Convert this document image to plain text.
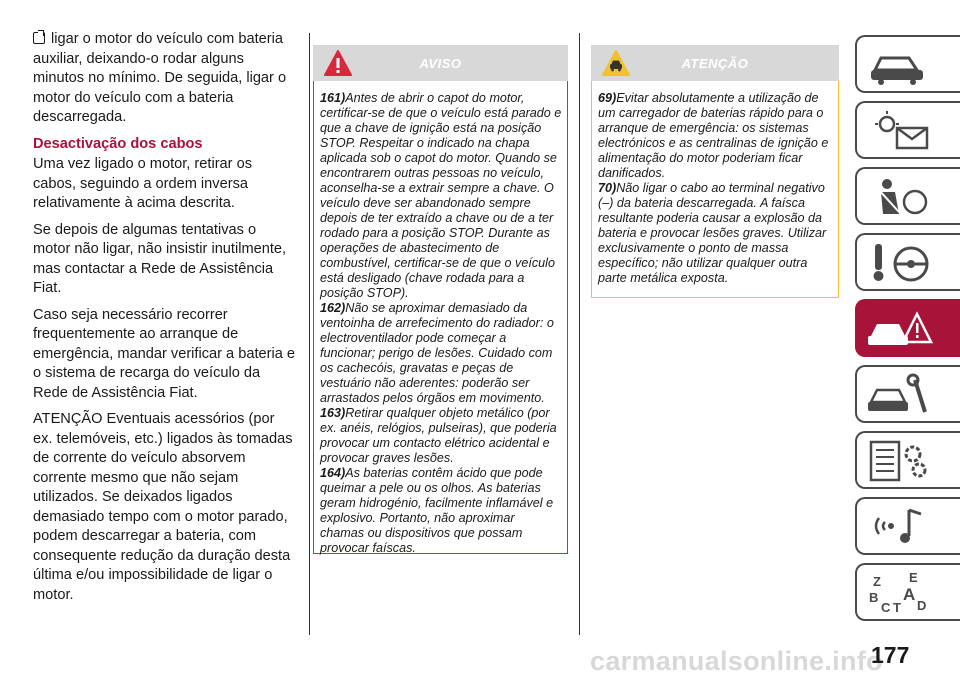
ligar o motor do veículo com bateria auxiliar, deixando-o rodar alguns minutos no mínimo. De seguida, ligar o motor do veículo com a bateria descarregada.

Desactivação dos cabos

Uma vez ligado o motor, retirar os cabos, seguindo a ordem inversa relativamente à acima descrita.

Se depois de algumas tentativas o motor não ligar, não insistir inutilmente, mas contactar a Rede de Assistência Fiat.

Caso seja necessário recorrer frequentemente ao arranque de emergência, mandar verificar a bateria e o sistema de recarga do veículo da Rede de Assistência Fiat.

ATENÇÃO Eventuais acessórios (por ex. telemóveis, etc.) ligados às tomadas de corrente do veículo absorvem corrente mesmo que não sejam utilizados. Se deixados ligados demasiado tempo com o motor parado, podem descarregar a bateria, com consequente redução da duração desta última e/ou impossibilidade de ligar o motor.

AVISO

161)Antes de abrir o capot do motor, certificar-se de que o veículo está parado e que a chave de ignição está na posição STOP. Respeitar o indicado na chapa aplicada sob o capot do motor. Quando se encontrarem outras pessoas no veículo, aconselha-se a extrair sempre a chave. O veículo deve ser abandonado sempre depois de ter extraído a chave ou de a ter rodado para a posição STOP. Durante as operações de abastecimento de combustível, certificar-se de que o veículo está desligado (chave rodada para a posição STOP).

162)Não se aproximar demasiado da ventoinha de arrefecimento do radiador: o electroventilador pode começar a funcionar; perigo de lesões. Cuidado com os cachecóis, gravatas e peças de vestuário não aderentes: poderão ser arrastados pelos órgãos em movimento.

163)Retirar qualquer objeto metálico (por ex. anéis, relógios, pulseiras), que poderia provocar um contacto elétrico acidental e provocar graves lesões.

164)As baterias contêm ácido que pode queimar a pele ou os olhos. As baterias geram hidrogénio, facilmente inflamável e explosivo. Portanto, não aproximar chamas ou dispositivos que possam provocar faíscas.

ATENÇÃO

69)Evitar absolutamente a utilização de um carregador de baterias rápido para o arranque de emergência: os sistemas electrónicos e as centralinas de ignição e alimentação do motor poderiam ficar danificados.

70)Não ligar o cabo ao terminal negativo (–) da bateria descarregada. A faísca resultante poderia causar a explosão da bateria e provocar lesões graves. Utilizar exclusivamente o ponto de massa específico; não utilizar qualquer outra parte metálica exposta.

Z E
B A
C T D
carmanualsonline.info
177
